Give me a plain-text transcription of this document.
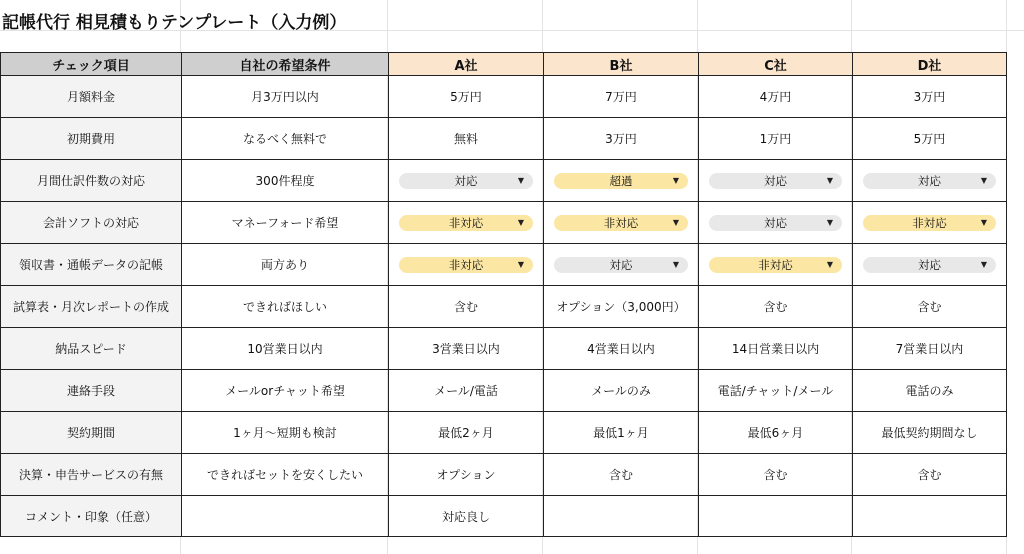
記帳代行 相見積もりテンプレート（入力例）
チェック項目	自社の希望条件	A社	B社	C社	D社
月額料金	月3万円以内	5万円	7万円	4万円	3万円
初期費用	なるべく無料で	無料	3万円	1万円	5万円
月間仕訳件数の対応	300件程度	対応 ▼	超過 ▼	対応 ▼	対応 ▼

会計ソフトの対応	マネーフォード希望	非対応 ▼	非対応 ▼	対応 ▼	非対応 ▼

領収書・通帳データの記帳	両方あり	非対応 ▼	対応 ▼	非対応 ▼	対応 ▼

試算表・月次レポートの作成	できればほしい	含む	オプション（3,000円）	含む	含む
納品スピード	10営業日以内	3営業日以内	4営業日以内	14日営業日以内	7営業日以内
連絡手段	メールorチャット希望	メール/電話	メールのみ	電話/チャット/メール	電話のみ
契約期間	1ヶ月〜短期も検討	最低2ヶ月	最低1ヶ月	最低6ヶ月	最低契約期間なし
決算・申告サービスの有無	できればセットを安くしたい	オプション	含む	含む	含む
コメント・印象（任意）		対応良し			
